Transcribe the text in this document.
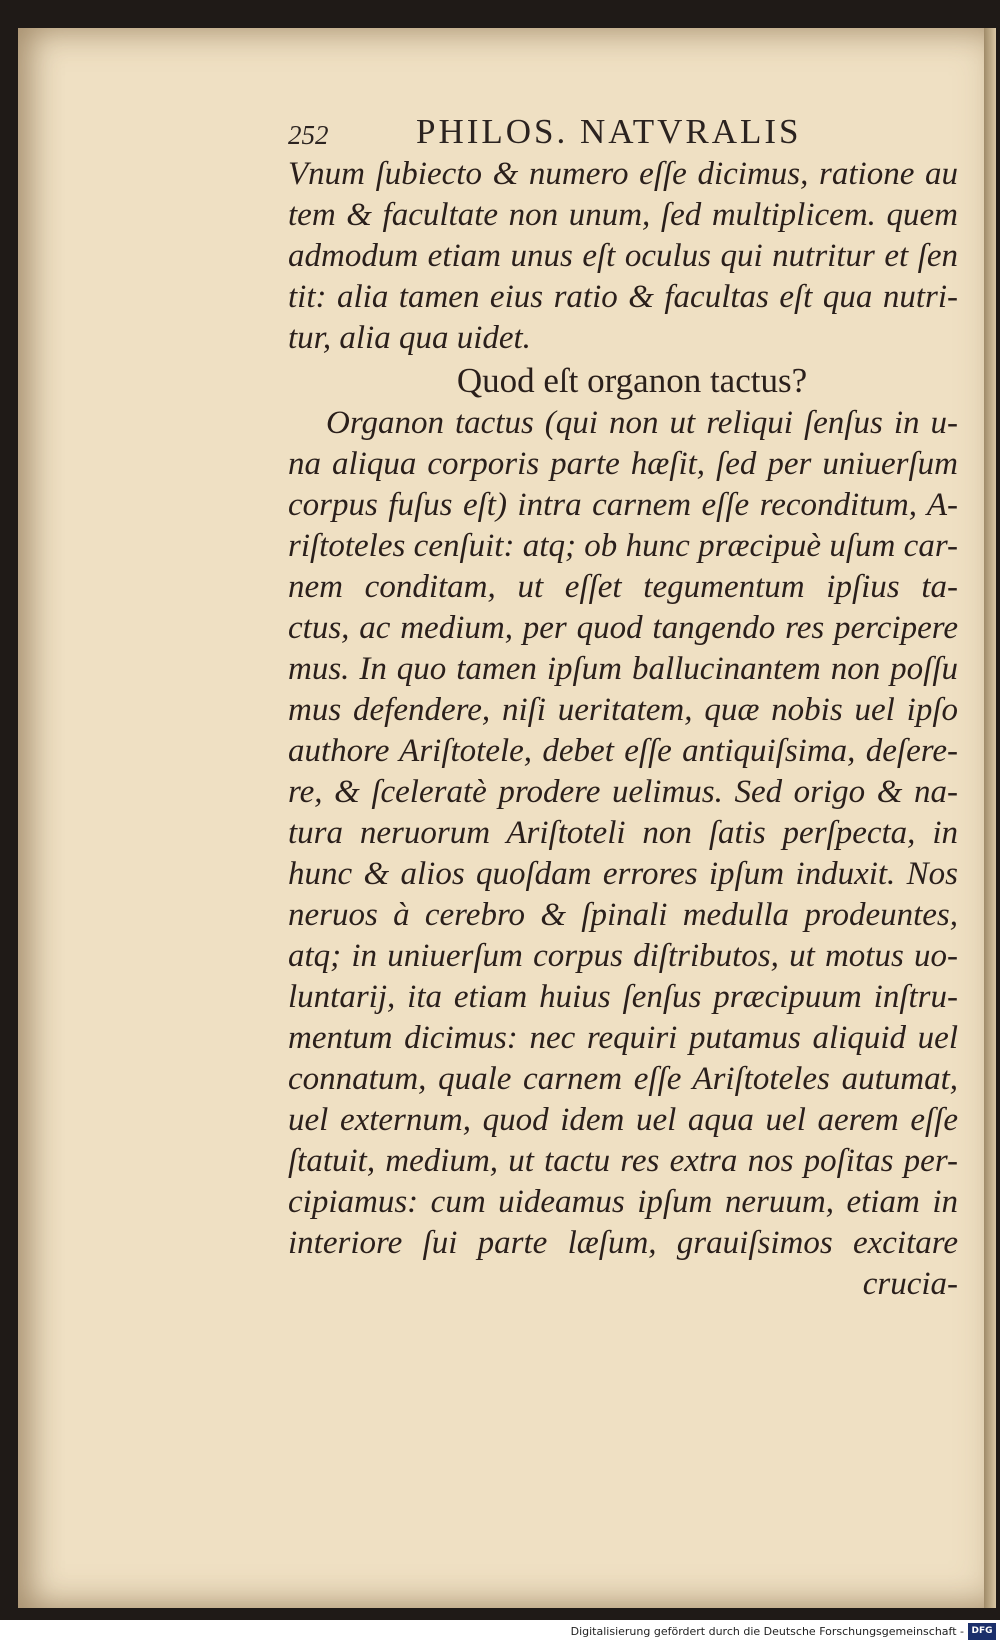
252	PHILOS. NATVRALIS
Vnum ſubiecto & numero eſſe dicimus, ratione au
tem & facultate non unum, ſed multiplicem. quem
admodum etiam unus eſt oculus qui nutritur et ſen
tit: alia tamen eius ratio & facultas eſt qua nutri-
tur, alia qua uidet.
Quod eſt organon tactus?
Organon tactus (qui non ut reliqui ſenſus in u-
na aliqua corporis parte hæſit, ſed per uniuerſum
corpus fuſus eſt) intra carnem eſſe reconditum, A-
riſtoteles cenſuit: atq; ob hunc præcipuè uſum car-
nem conditam, ut eſſet tegumentum ipſius ta-
ctus, ac medium, per quod tangendo res percipere
mus. In quo tamen ipſum ballucinantem non poſſu
mus defendere, niſi ueritatem, quæ nobis uel ipſo
authore Ariſtotele, debet eſſe antiquiſsima, deſere-
re, & ſceleratè prodere uelimus. Sed origo & na-
tura neruorum Ariſtoteli non ſatis perſpecta, in
hunc & alios quoſdam errores ipſum induxit. Nos
neruos à cerebro & ſpinali medulla prodeuntes,
atq; in uniuerſum corpus diſtributos, ut motus uo-
luntarij, ita etiam huius ſenſus præcipuum inſtru-
mentum dicimus: nec requiri putamus aliquid uel
connatum, quale carnem eſſe Ariſtoteles autumat,
uel externum, quod idem uel aqua uel aerem eſſe
ſtatuit, medium, ut tactu res extra nos poſitas per-
cipiamus: cum uideamus ipſum neruum, etiam in
interiore ſui parte læſum, grauiſsimos excitare
crucia-
Digitalisierung gefördert durch die Deutsche Forschungsgemeinschaft - DFG
